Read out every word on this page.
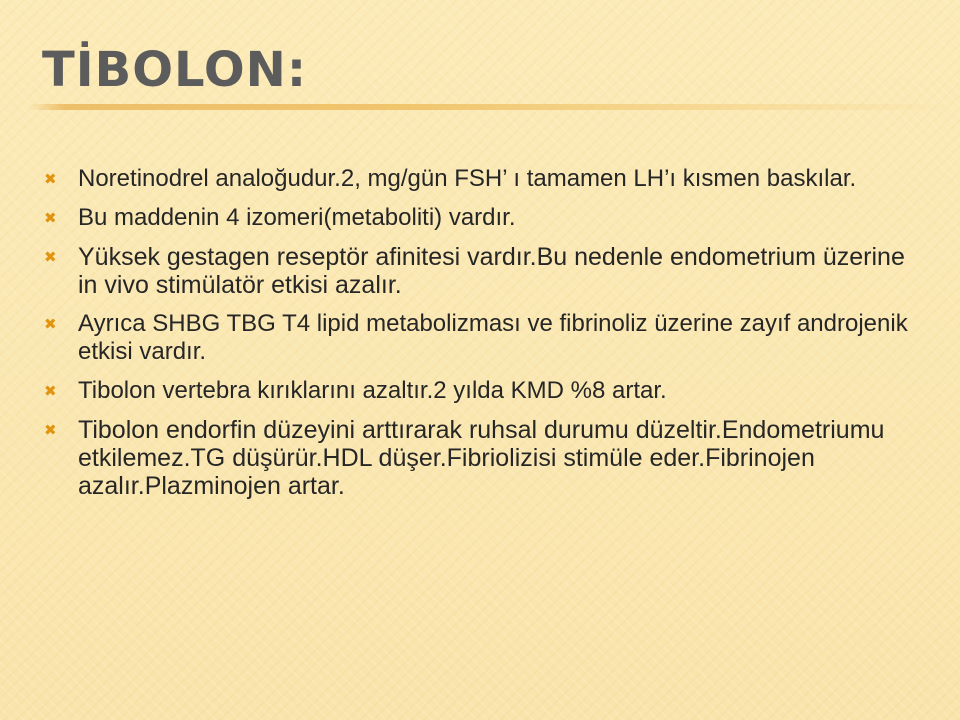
TİBOLON:
✖ Noretinodrel analoğudur.2, mg/gün FSH’ ı tamamen LH’ı kısmen baskılar.
✖ Bu maddenin 4 izomeri(metaboliti) vardır.
✖ Yüksek gestagen reseptör afinitesi vardır.Bu nedenle endometrium üzerine in vivo stimülatör etkisi azalır.
✖ Ayrıca SHBG TBG T4 lipid metabolizması ve fibrinoliz üzerine zayıf androjenik etkisi vardır.
✖ Tibolon vertebra kırıklarını azaltır.2 yılda KMD %8 artar.
✖ Tibolon endorfin düzeyini arttırarak ruhsal durumu düzeltir.Endometriumu etkilemez.TG düşürür.HDL düşer.Fibriolizisi stimüle eder.Fibrinojen azalır.Plazminojen artar.
